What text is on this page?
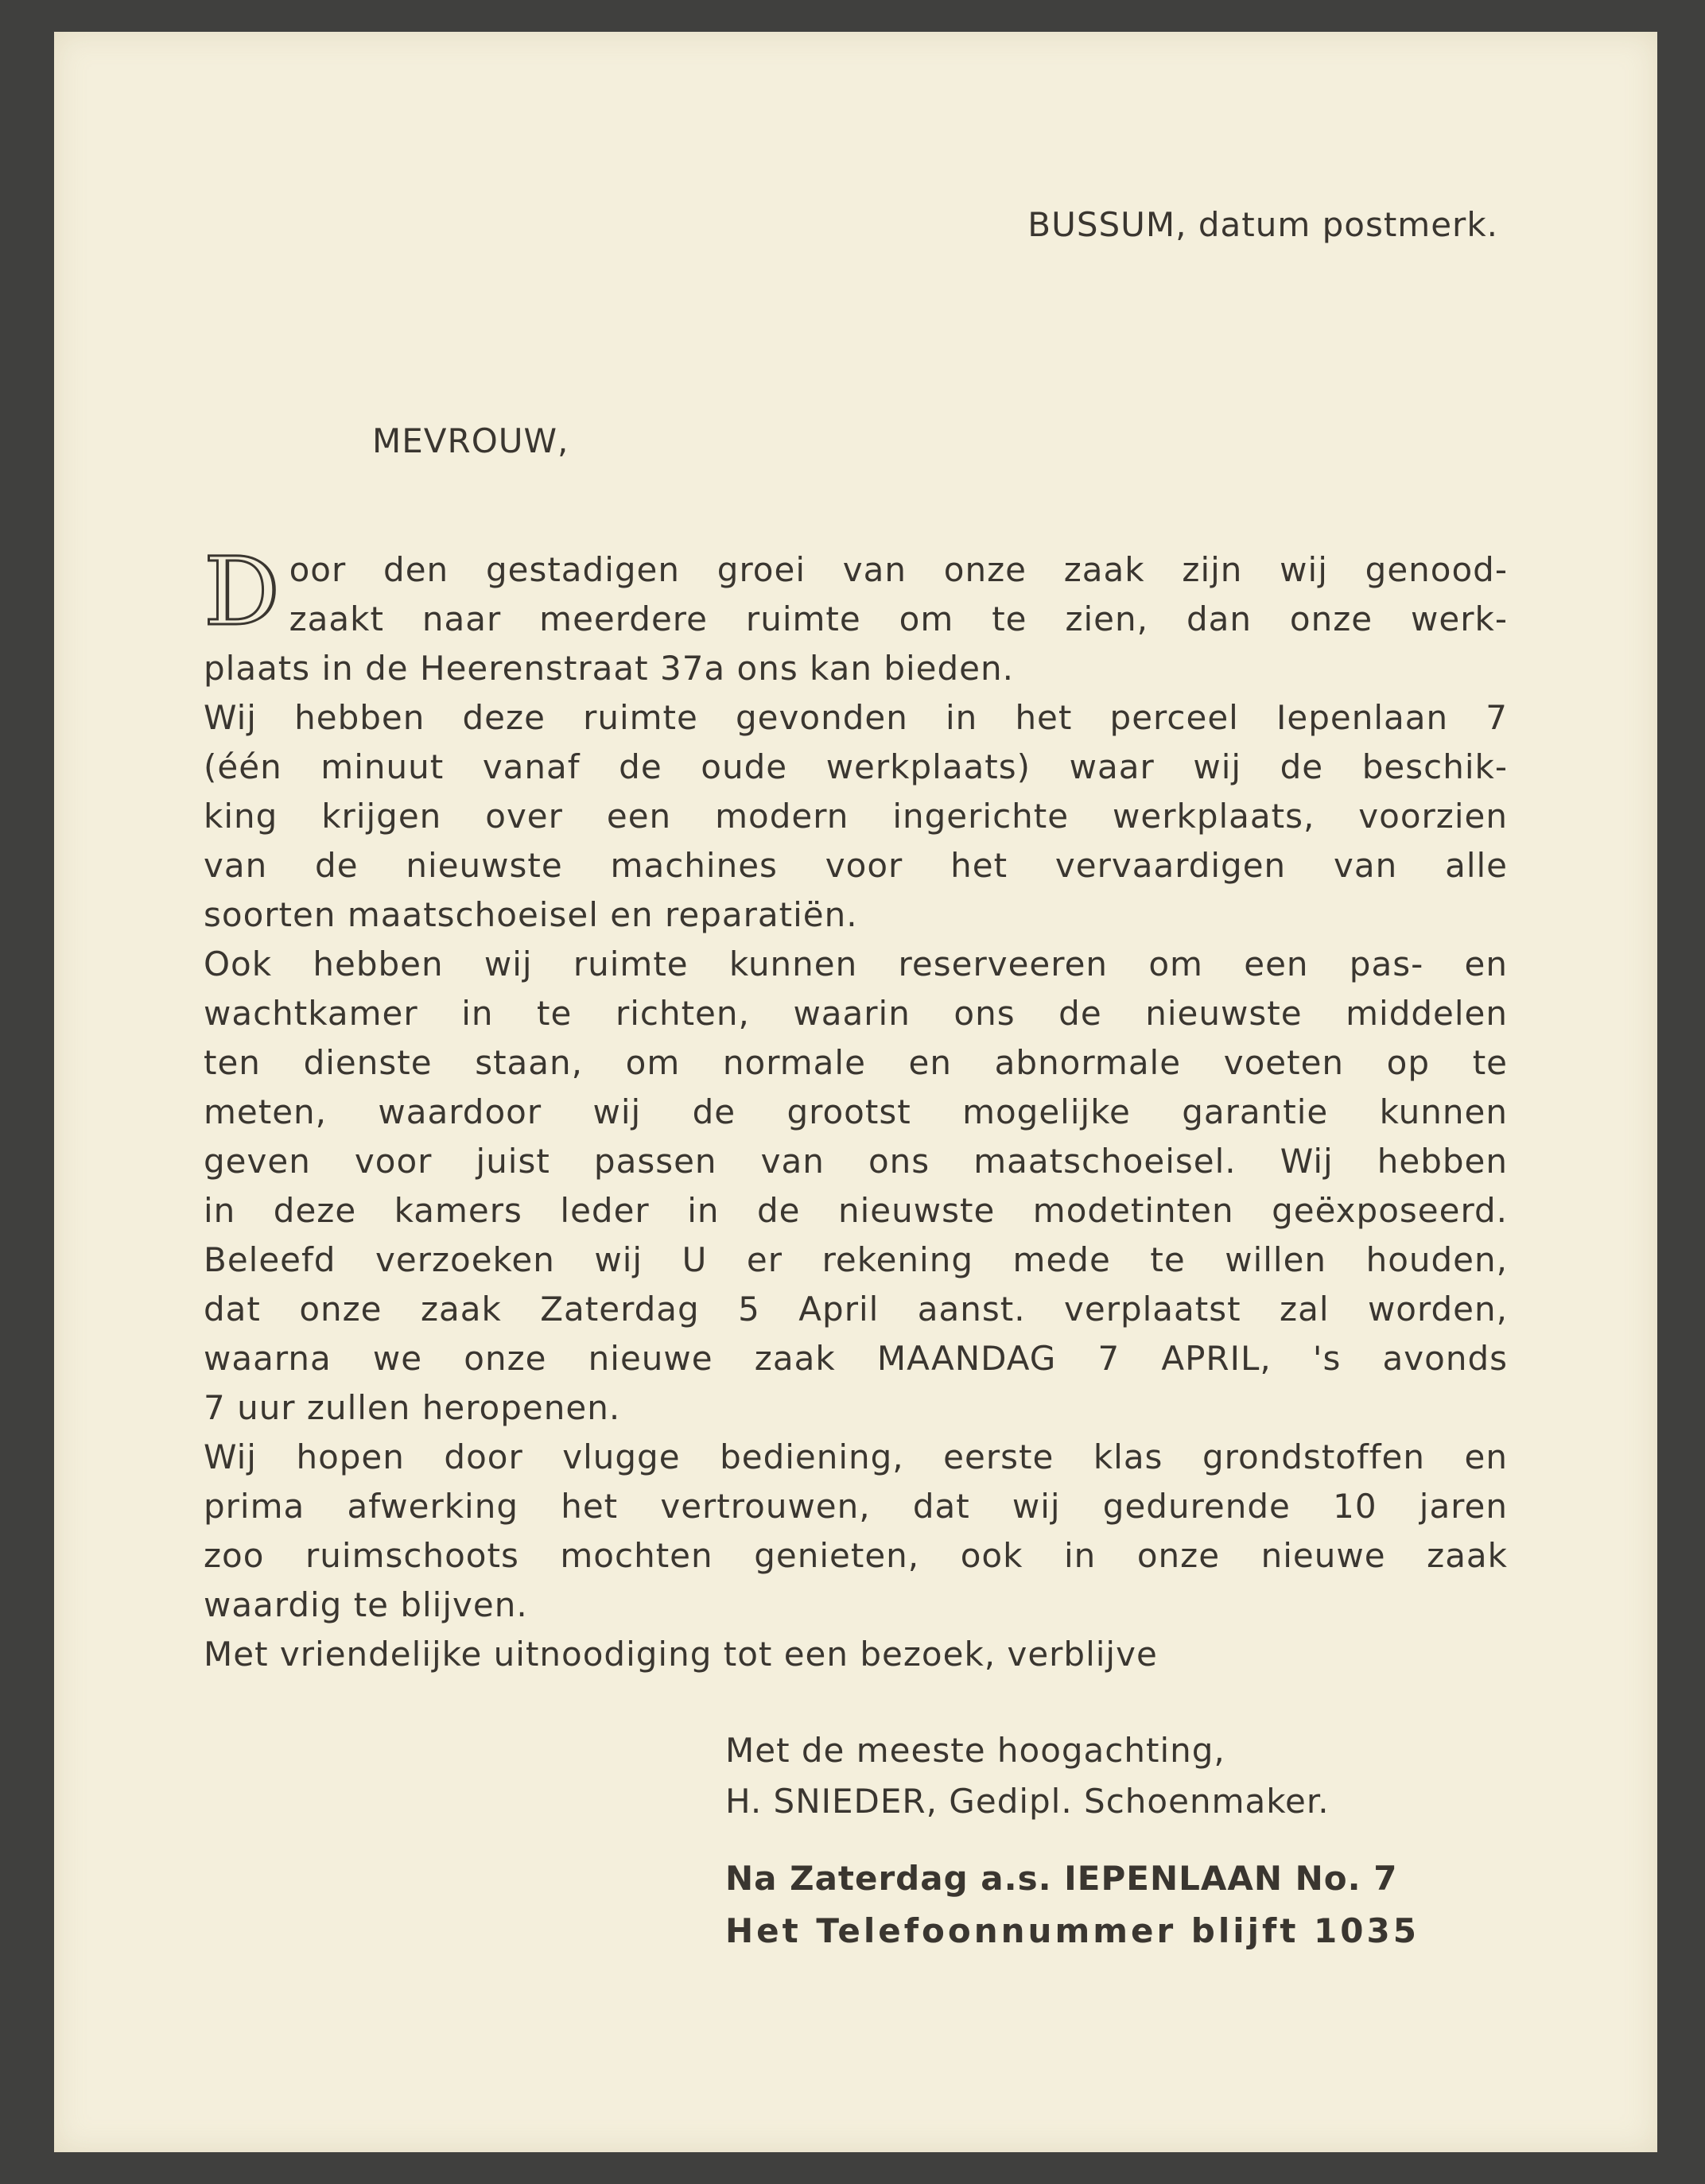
BUSSUM, datum postmerk.
MEVROUW,
D oor den gestadigen groei van onze zaak zijn wij genood-
zaakt naar meerdere ruimte om te zien, dan onze werk-
plaats in de Heerenstraat 37a ons kan bieden.
Wij hebben deze ruimte gevonden in het perceel Iepenlaan 7
(één minuut vanaf de oude werkplaats) waar wij de beschik-
king krijgen over een modern ingerichte werkplaats, voorzien
van de nieuwste machines voor het vervaardigen van alle
soorten maatschoeisel en reparatiën.
Ook hebben wij ruimte kunnen reserveeren om een pas- en
wachtkamer in te richten, waarin ons de nieuwste middelen
ten dienste staan, om normale en abnormale voeten op te
meten, waardoor wij de grootst mogelijke garantie kunnen
geven voor juist passen van ons maatschoeisel. Wij hebben
in deze kamers leder in de nieuwste modetinten geëxposeerd.
Beleefd verzoeken wij U er rekening mede te willen houden,
dat onze zaak Zaterdag 5 April aanst. verplaatst zal worden,
waarna we onze nieuwe zaak MAANDAG 7 APRIL, 's avonds
7 uur zullen heropenen.
Wij hopen door vlugge bediening, eerste klas grondstoffen en
prima afwerking het vertrouwen, dat wij gedurende 10 jaren
zoo ruimschoots mochten genieten, ook in onze nieuwe zaak
waardig te blijven.
Met vriendelijke uitnoodiging tot een bezoek, verblijve
Met de meeste hoogachting,
H. SNIEDER, Gedipl. Schoenmaker.
Na Zaterdag a.s. IEPENLAAN No. 7
Het Telefoonnummer blijft 1035
